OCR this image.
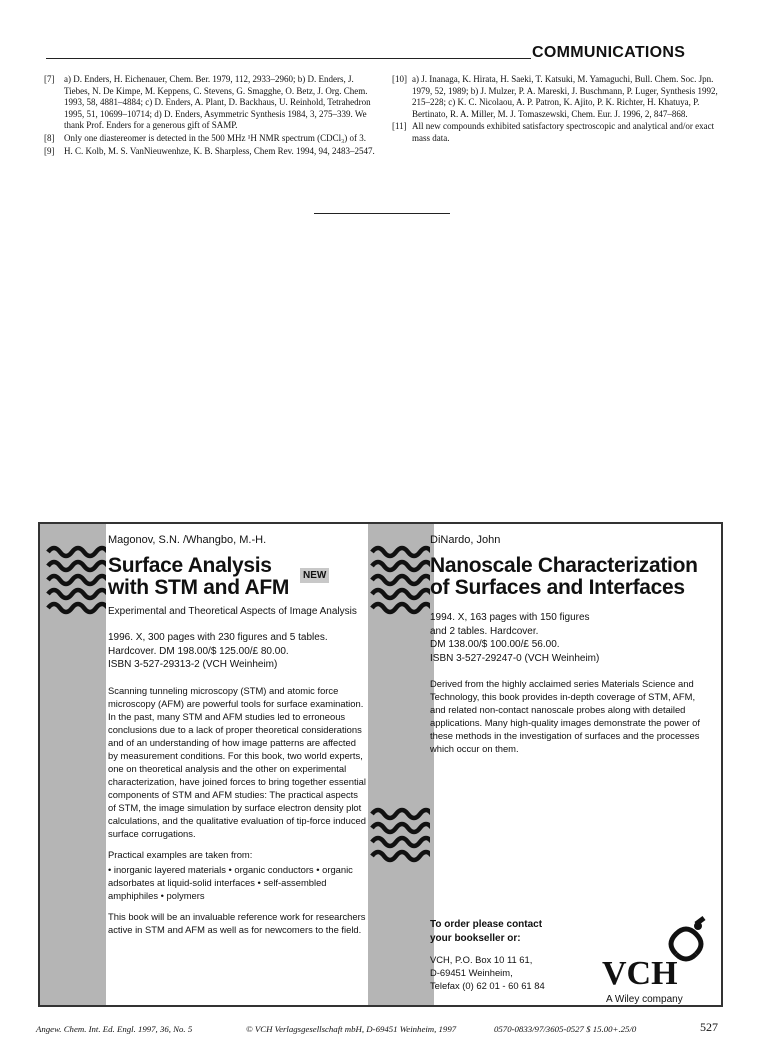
COMMUNICATIONS
[7] a) D. Enders, H. Eichenauer, Chem. Ber. 1979, 112, 2933–2960; b) D. Enders, J. Tiebes, N. De Kimpe, M. Keppens, C. Stevens, G. Smagghe, O. Betz, J. Org. Chem. 1993, 58, 4881–4884; c) D. Enders, A. Plant, D. Backhaus, U. Reinhold, Tetrahedron 1995, 51, 10699–10714; d) D. Enders, Asymmetric Synthesis 1984, 3, 275–339. We thank Prof. Enders for a generous gift of SAMP.
[8] Only one diastereomer is detected in the 500 MHz ¹H NMR spectrum (CDCl₃) of 3.
[9] H. C. Kolb, M. S. VanNieuwenhze, K. B. Sharpless, Chem Rev. 1994, 94, 2483–2547.
[10] a) J. Inanaga, K. Hirata, H. Saeki, T. Katsuki, M. Yamaguchi, Bull. Chem. Soc. Jpn. 1979, 52, 1989; b) J. Mulzer, P. A. Mareski, J. Buschmann, P. Luger, Synthesis 1992, 215–228; c) K. C. Nicolaou, A. P. Patron, K. Ajito, P. K. Richter, H. Khatuya, P. Bertinato, R. A. Miller, M. J. Tomaszewski, Chem. Eur. J. 1996, 2, 847–868.
[11] All new compounds exhibited satisfactory spectroscopic and analytical and/or exact mass data.
Magonov, S.N. /Whangbo, M.-H.
Surface Analysis
with STM and AFM
NEW
Experimental and Theoretical Aspects of Image Analysis
1996. X, 300 pages with 230 figures and 5 tables.
Hardcover. DM 198.00/$ 125.00/£ 80.00.
ISBN 3-527-29313-2 (VCH Weinheim)

Scanning tunneling microscopy (STM) and atomic force microscopy (AFM) are powerful tools for surface examination. In the past, many STM and AFM studies led to erroneous conclusions due to a lack of proper theoretical considerations and of an understanding of how image patterns are affected by measurement conditions. For this book, two world experts, one on theoretical analysis and the other on experimental characterization, have joined forces to bring together essential components of STM and AFM studies: The practical aspects of STM, the image simulation by surface electron density plot calculations, and the qualitative evaluation of tip-force induced surface corrugations.

Practical examples are taken from:

• inorganic layered materials • organic conductors • organic adsorbates at liquid-solid interfaces • self-assembled amphiphiles • polymers

This book will be an invaluable reference work for researchers active in STM and AFM as well as for newcomers to the field.

DiNardo, John
Nanoscale Characterization
of Surfaces and Interfaces
1994. X, 163 pages with 150 figures
and 2 tables. Hardcover.
DM 138.00/$ 100.00/£ 56.00.
ISBN 3-527-29247-0 (VCH Weinheim)

Derived from the highly acclaimed series Materials Science and Technology, this book provides in-depth coverage of STM, AFM, and related non-contact nanoscale probes along with detailed applications. Many high-quality images demonstrate the power of these methods in the investigation of surfaces and the processes which occur on them.

To order please contact
your bookseller or:
VCH, P.O. Box 10 11 61,
D-69451 Weinheim,
Telefax (0) 62 01 - 60 61 84	VCH
A Wiley company
Angew. Chem. Int. Ed. Engl. 1997, 36, No. 5	© VCH Verlagsgesellschaft mbH, D-69451 Weinheim, 1997	0570-0833/97/3605-0527 $ 15.00+.25/0	527
